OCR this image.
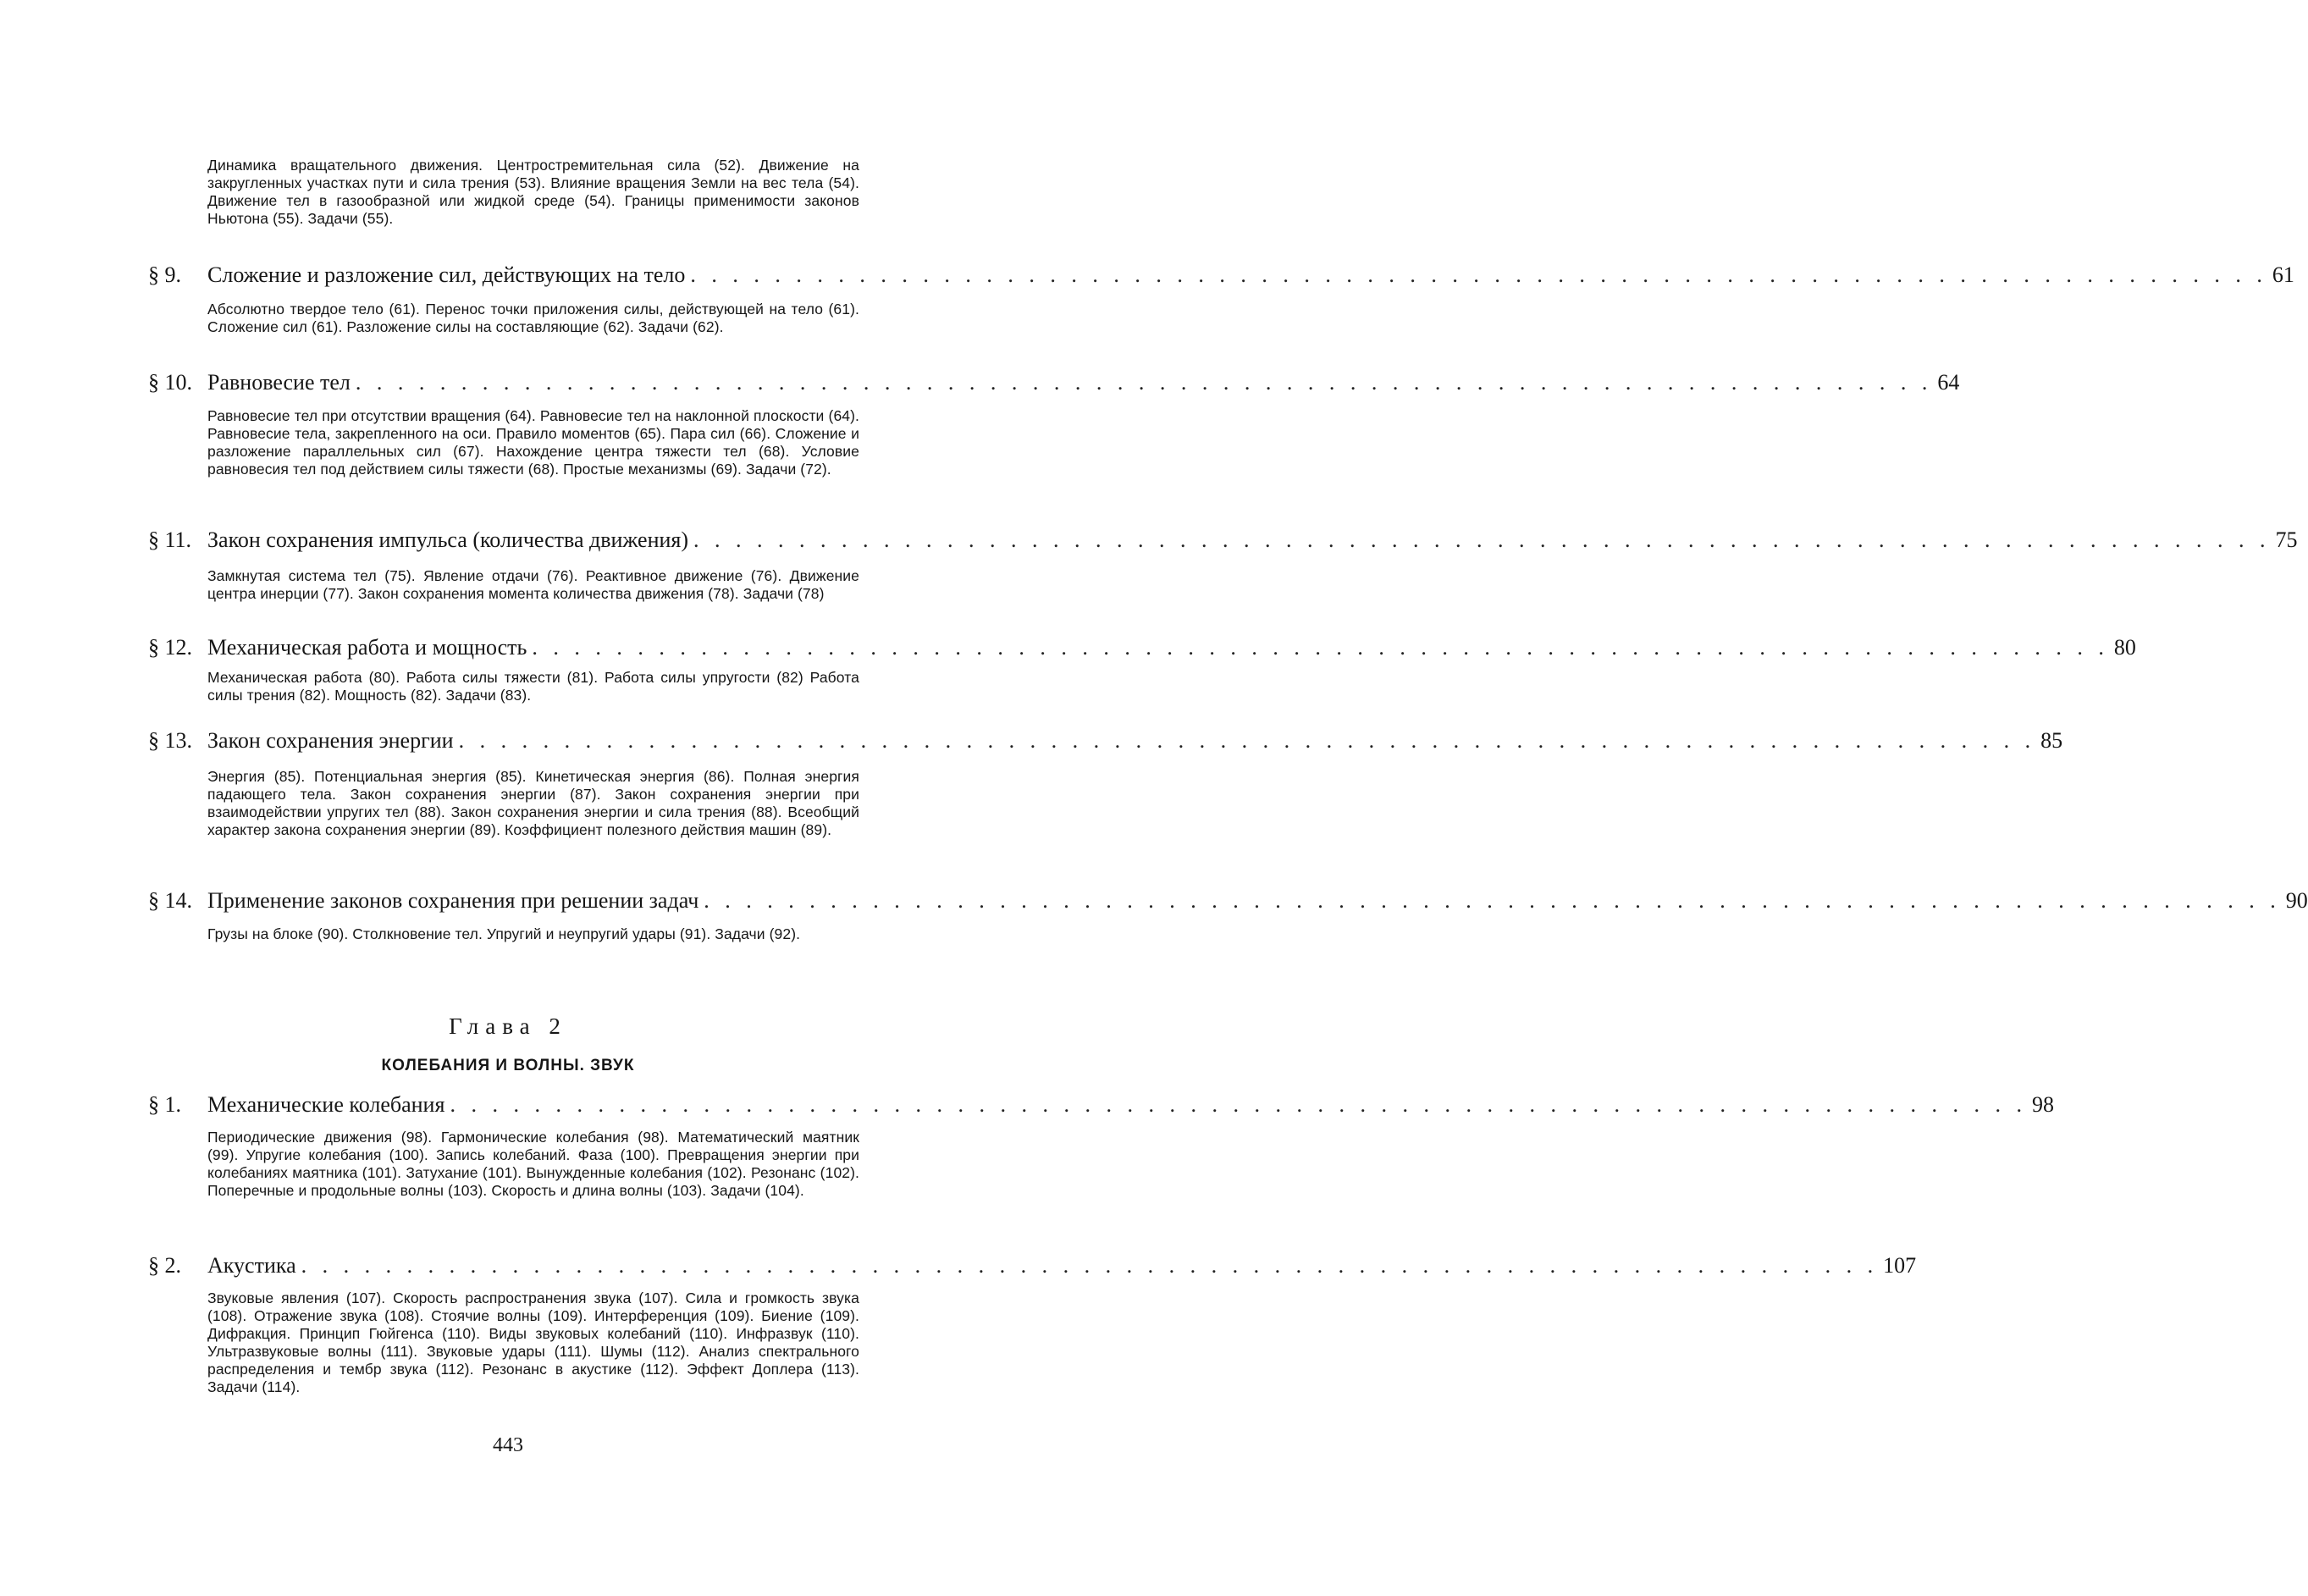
Динамика вращательного движения. Центростремительная сила (52). Движение на закругленных участках пути и сила трения (53). Влияние вращения Земли на вес тела (54). Движение тел в газообразной или жидкой среде (54). Границы применимости законов Ньютона (55). Задачи (55).
§ 9.	Сложение и разложение сил, действующих на тело . . .	61
Абсолютно твердое тело (61). Перенос точки приложения силы, действующей на тело (61). Сложение сил (61). Разложение силы на составляющие (62). Задачи (62).
§ 10. Равновесие тел . . .	64
Равновесие тел при отсутствии вращения (64). Равновесие тел на наклонной плоскости (64). Равновесие тела, закрепленного на оси. Правило моментов (65). Пара сил (66). Сложение и разложение параллельных сил (67). Нахождение центра тяжести тел (68). Условие равновесия тел под действием силы тяжести (68). Простые механизмы (69). Задачи (72).
§ 11. Закон сохранения импульса (количества движения) . . .	75
Замкнутая система тел (75). Явление отдачи (76). Реактивное движение (76). Движение центра инерции (77). Закон сохранения момента количества движения (78). Задачи (78)
§ 12. Механическая работа и мощность . . .	80
Механическая работа (80). Работа силы тяжести (81). Работа силы упругости (82) Работа силы трения (82). Мощность (82). Задачи (83).
§ 13. Закон сохранения энергии . . .	85
Энергия (85). Потенциальная энергия (85). Кинетическая энергия (86). Полная энергия падающего тела. Закон сохранения энергии (87). Закон сохранения энергии при взаимодействии упругих тел (88). Закон сохранения энергии и сила трения (88). Всеобщий характер закона сохранения энергии (89). Коэффициент полезного действия машин (89).
§ 14. Применение законов сохранения при решении задач . . .	90
Грузы на блоке (90). Столкновение тел. Упругий и неупругий удары (91). Задачи (92).
Глава 2
КОЛЕБАНИЯ И ВОЛНЫ. ЗВУК
§ 1.	Механические колебания . . .	98
Периодические движения (98). Гармонические колебания (98). Математический маятник (99). Упругие колебания (100). Запись колебаний. Фаза (100). Превращения энергии при колебаниях маятника (101). Затухание (101). Вынужденные колебания (102). Резонанс (102). Поперечные и продольные волны (103). Скорость и длина волны (103). Задачи (104).
§ 2.	Акустика . . .	107
Звуковые явления (107). Скорость распространения звука (107). Сила и громкость звука (108). Отражение звука (108). Стоячие волны (109). Интерференция (109). Биение (109). Дифракция. Принцип Гюйгенса (110). Виды звуковых колебаний (110). Инфразвук (110). Ультразвуковые волны (111). Звуковые удары (111). Шумы (112). Анализ спектрального распределения и тембр звука (112). Резонанс в акустике (112). Эффект Доплера (113). Задачи (114).
443
